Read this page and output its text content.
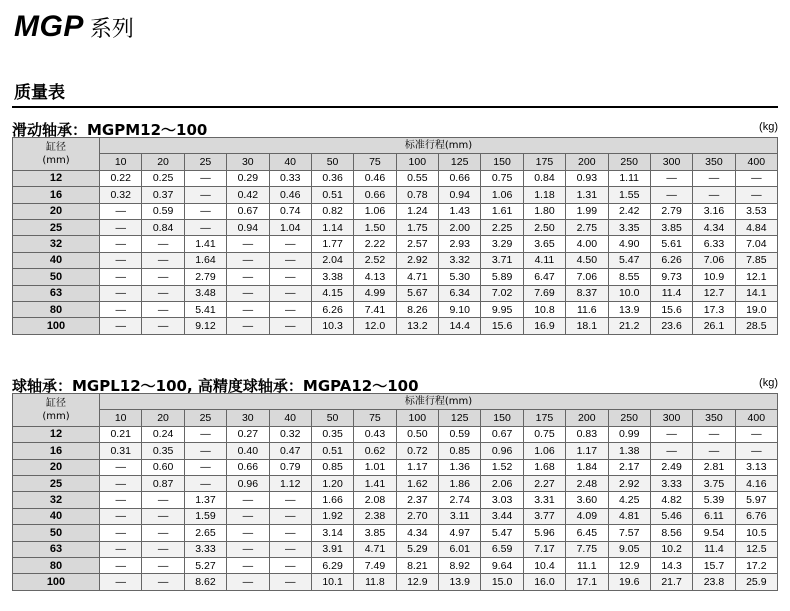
MGP 系列
质量表
滑动轴承：MGPM12～100	(kg)
缸径
(mm)	标准行程(mm)															
	10	20	25	30	40	50	75	100	125	150	175	200	250	300	350	400
12	0.22	0.25	—	0.29	0.33	0.36	0.46	0.55	0.66	0.75	0.84	0.93	1.11	—	—	—
16	0.32	0.37	—	0.42	0.46	0.51	0.66	0.78	0.94	1.06	1.18	1.31	1.55	—	—	—
20	—	0.59	—	0.67	0.74	0.82	1.06	1.24	1.43	1.61	1.80	1.99	2.42	2.79	3.16	3.53
25	—	0.84	—	0.94	1.04	1.14	1.50	1.75	2.00	2.25	2.50	2.75	3.35	3.85	4.34	4.84
32	—	—	1.41	—	—	1.77	2.22	2.57	2.93	3.29	3.65	4.00	4.90	5.61	6.33	7.04
40	—	—	1.64	—	—	2.04	2.52	2.92	3.32	3.71	4.11	4.50	5.47	6.26	7.06	7.85
50	—	—	2.79	—	—	3.38	4.13	4.71	5.30	5.89	6.47	7.06	8.55	9.73	10.9	12.1
63	—	—	3.48	—	—	4.15	4.99	5.67	6.34	7.02	7.69	8.37	10.0	11.4	12.7	14.1
80	—	—	5.41	—	—	6.26	7.41	8.26	9.10	9.95	10.8	11.6	13.9	15.6	17.3	19.0
100	—	—	9.12	—	—	10.3	12.0	13.2	14.4	15.6	16.9	18.1	21.2	23.6	26.1	28.5
球轴承：MGPL12～100, 高精度球轴承：MGPA12～100	(kg)
缸径
(mm)	标准行程(mm)															
	10	20	25	30	40	50	75	100	125	150	175	200	250	300	350	400
12	0.21	0.24	—	0.27	0.32	0.35	0.43	0.50	0.59	0.67	0.75	0.83	0.99	—	—	—
16	0.31	0.35	—	0.40	0.47	0.51	0.62	0.72	0.85	0.96	1.06	1.17	1.38	—	—	—
20	—	0.60	—	0.66	0.79	0.85	1.01	1.17	1.36	1.52	1.68	1.84	2.17	2.49	2.81	3.13
25	—	0.87	—	0.96	1.12	1.20	1.41	1.62	1.86	2.06	2.27	2.48	2.92	3.33	3.75	4.16
32	—	—	1.37	—	—	1.66	2.08	2.37	2.74	3.03	3.31	3.60	4.25	4.82	5.39	5.97
40	—	—	1.59	—	—	1.92	2.38	2.70	3.11	3.44	3.77	4.09	4.81	5.46	6.11	6.76
50	—	—	2.65	—	—	3.14	3.85	4.34	4.97	5.47	5.96	6.45	7.57	8.56	9.54	10.5
63	—	—	3.33	—	—	3.91	4.71	5.29	6.01	6.59	7.17	7.75	9.05	10.2	11.4	12.5
80	—	—	5.27	—	—	6.29	7.49	8.21	8.92	9.64	10.4	11.1	12.9	14.3	15.7	17.2
100	—	—	8.62	—	—	10.1	11.8	12.9	13.9	15.0	16.0	17.1	19.6	21.7	23.8	25.9
